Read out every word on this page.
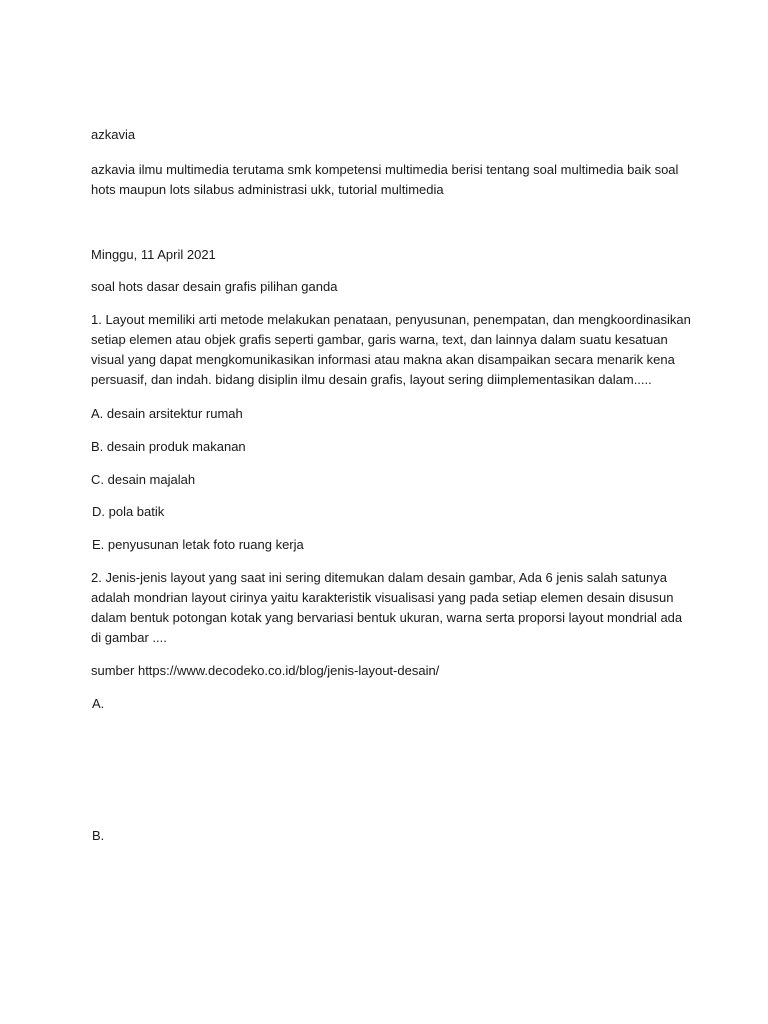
azkavia

azkavia ilmu multimedia terutama smk kompetensi multimedia berisi tentang soal multimedia baik soal hots maupun lots silabus administrasi ukk, tutorial multimedia

Minggu, 11 April 2021

soal hots dasar desain grafis pilihan ganda

1. Layout memiliki arti metode melakukan penataan, penyusunan, penempatan, dan mengkoordinasikan setiap elemen atau objek grafis seperti gambar, garis warna, text, dan lainnya dalam suatu kesatuan visual yang dapat mengkomunikasikan informasi atau makna akan disampaikan secara menarik kena persuasif, dan indah. bidang disiplin ilmu desain grafis, layout sering diimplementasikan dalam.....

A. desain arsitektur rumah

B. desain produk makanan

C. desain majalah

D. pola batik

E. penyusunan letak foto ruang kerja

2. Jenis-jenis layout yang saat ini sering ditemukan dalam desain gambar, Ada 6 jenis salah satunya adalah mondrian layout cirinya yaitu karakteristik visualisasi yang pada setiap elemen desain disusun dalam bentuk potongan kotak yang bervariasi bentuk ukuran, warna serta proporsi layout mondrial ada di gambar ....

sumber https://www.decodeko.co.id/blog/jenis-layout-desain/

A.

B.
